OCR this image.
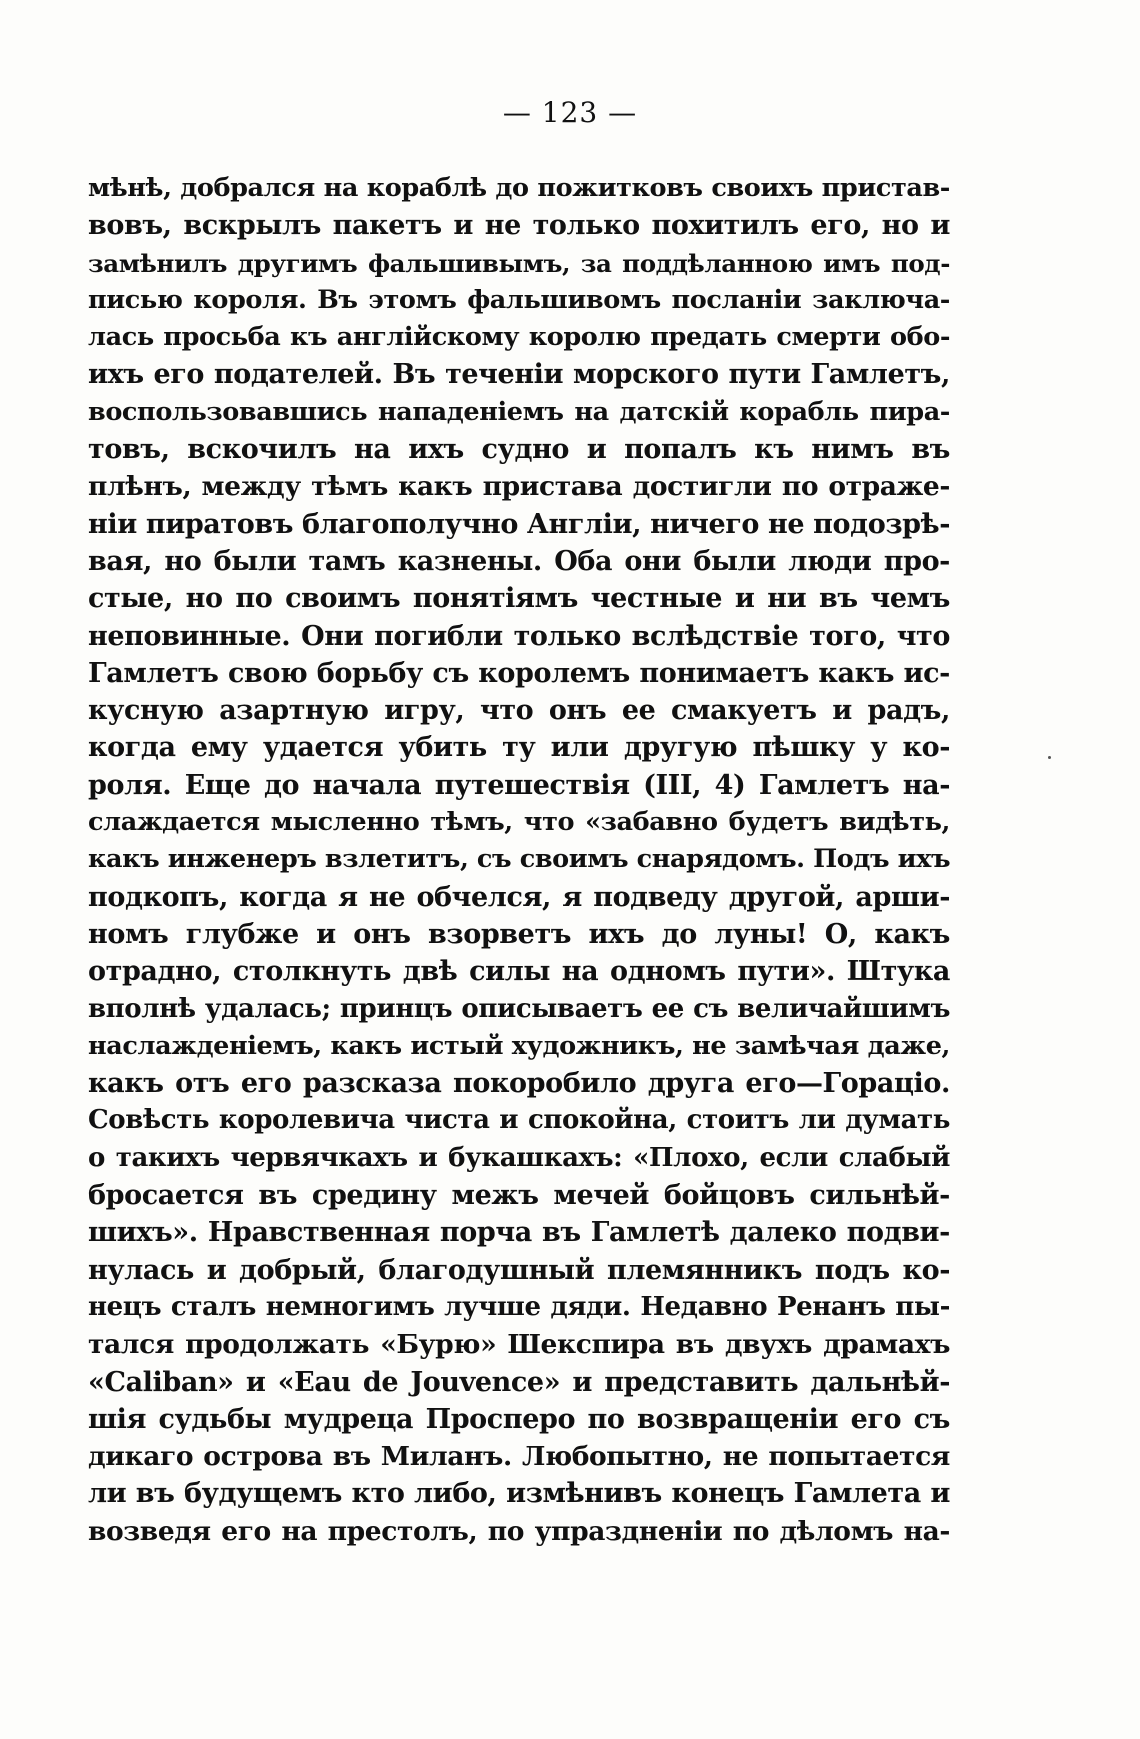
— 123 —
мѣнѣ, добрался на кораблѣ до пожитковъ своихъ пристав-
вовъ, вскрылъ пакетъ и не только похитилъ его, но и
замѣнилъ другимъ фальшивымъ, за поддѣланною имъ под-
писью короля. Въ этомъ фальшивомъ посланіи заключа-
лась просьба къ англійскому королю предать смерти обо-
ихъ его подателей. Въ теченіи морского пути Гамлетъ,
воспользовавшись нападеніемъ на датскій корабль пира-
товъ, вскочилъ на ихъ судно и попалъ къ нимъ въ
плѣнъ, между тѣмъ какъ пристава достигли по отраже-
ніи пиратовъ благополучно Англіи, ничего не подозрѣ-
вая, но были тамъ казнены. Оба они были люди про-
стые, но по своимъ понятіямъ честные и ни въ чемъ
неповинные. Они погибли только вслѣдствіе того, что
Гамлетъ свою борьбу съ королемъ понимаетъ какъ ис-
кусную азартную игру, что онъ ее смакуетъ и радъ,
когда ему удается убить ту или другую пѣшку у ко-
роля. Еще до начала путешествія (III, 4) Гамлетъ на-
слаждается мысленно тѣмъ, что «забавно будетъ видѣть,
какъ инженеръ взлетитъ, съ своимъ снарядомъ. Подъ ихъ
подкопъ, когда я не обчелся, я подведу другой, арши-
номъ глубже и онъ взорветъ ихъ до луны! О, какъ
отрадно, столкнуть двѣ силы на одномъ пути». Штука
вполнѣ удалась; принцъ описываетъ ее съ величайшимъ
наслажденіемъ, какъ истый художникъ, не замѣчая даже,
какъ отъ его разсказа покоробило друга его—Гораціо.
Совѣсть королевича чиста и спокойна, стоитъ ли думать
о такихъ червячкахъ и букашкахъ: «Плохо, если слабый
бросается въ средину межъ мечей бойцовъ сильнѣй-
шихъ». Нравственная порча въ Гамлетѣ далеко подви-
нулась и добрый, благодушный племянникъ подъ ко-
нецъ сталъ немногимъ лучше дяди. Недавно Ренанъ пы-
тался продолжать «Бурю» Шекспира въ двухъ драмахъ
«Caliban» и «Eau de Jouvence» и представить дальнѣй-
шія судьбы мудреца Просперо по возвращеніи его съ
дикаго острова въ Миланъ. Любопытно, не попытается
ли въ будущемъ кто либо, измѣнивъ конецъ Гамлета и
возведя его на престолъ, по упраздненіи по дѣломъ на-
